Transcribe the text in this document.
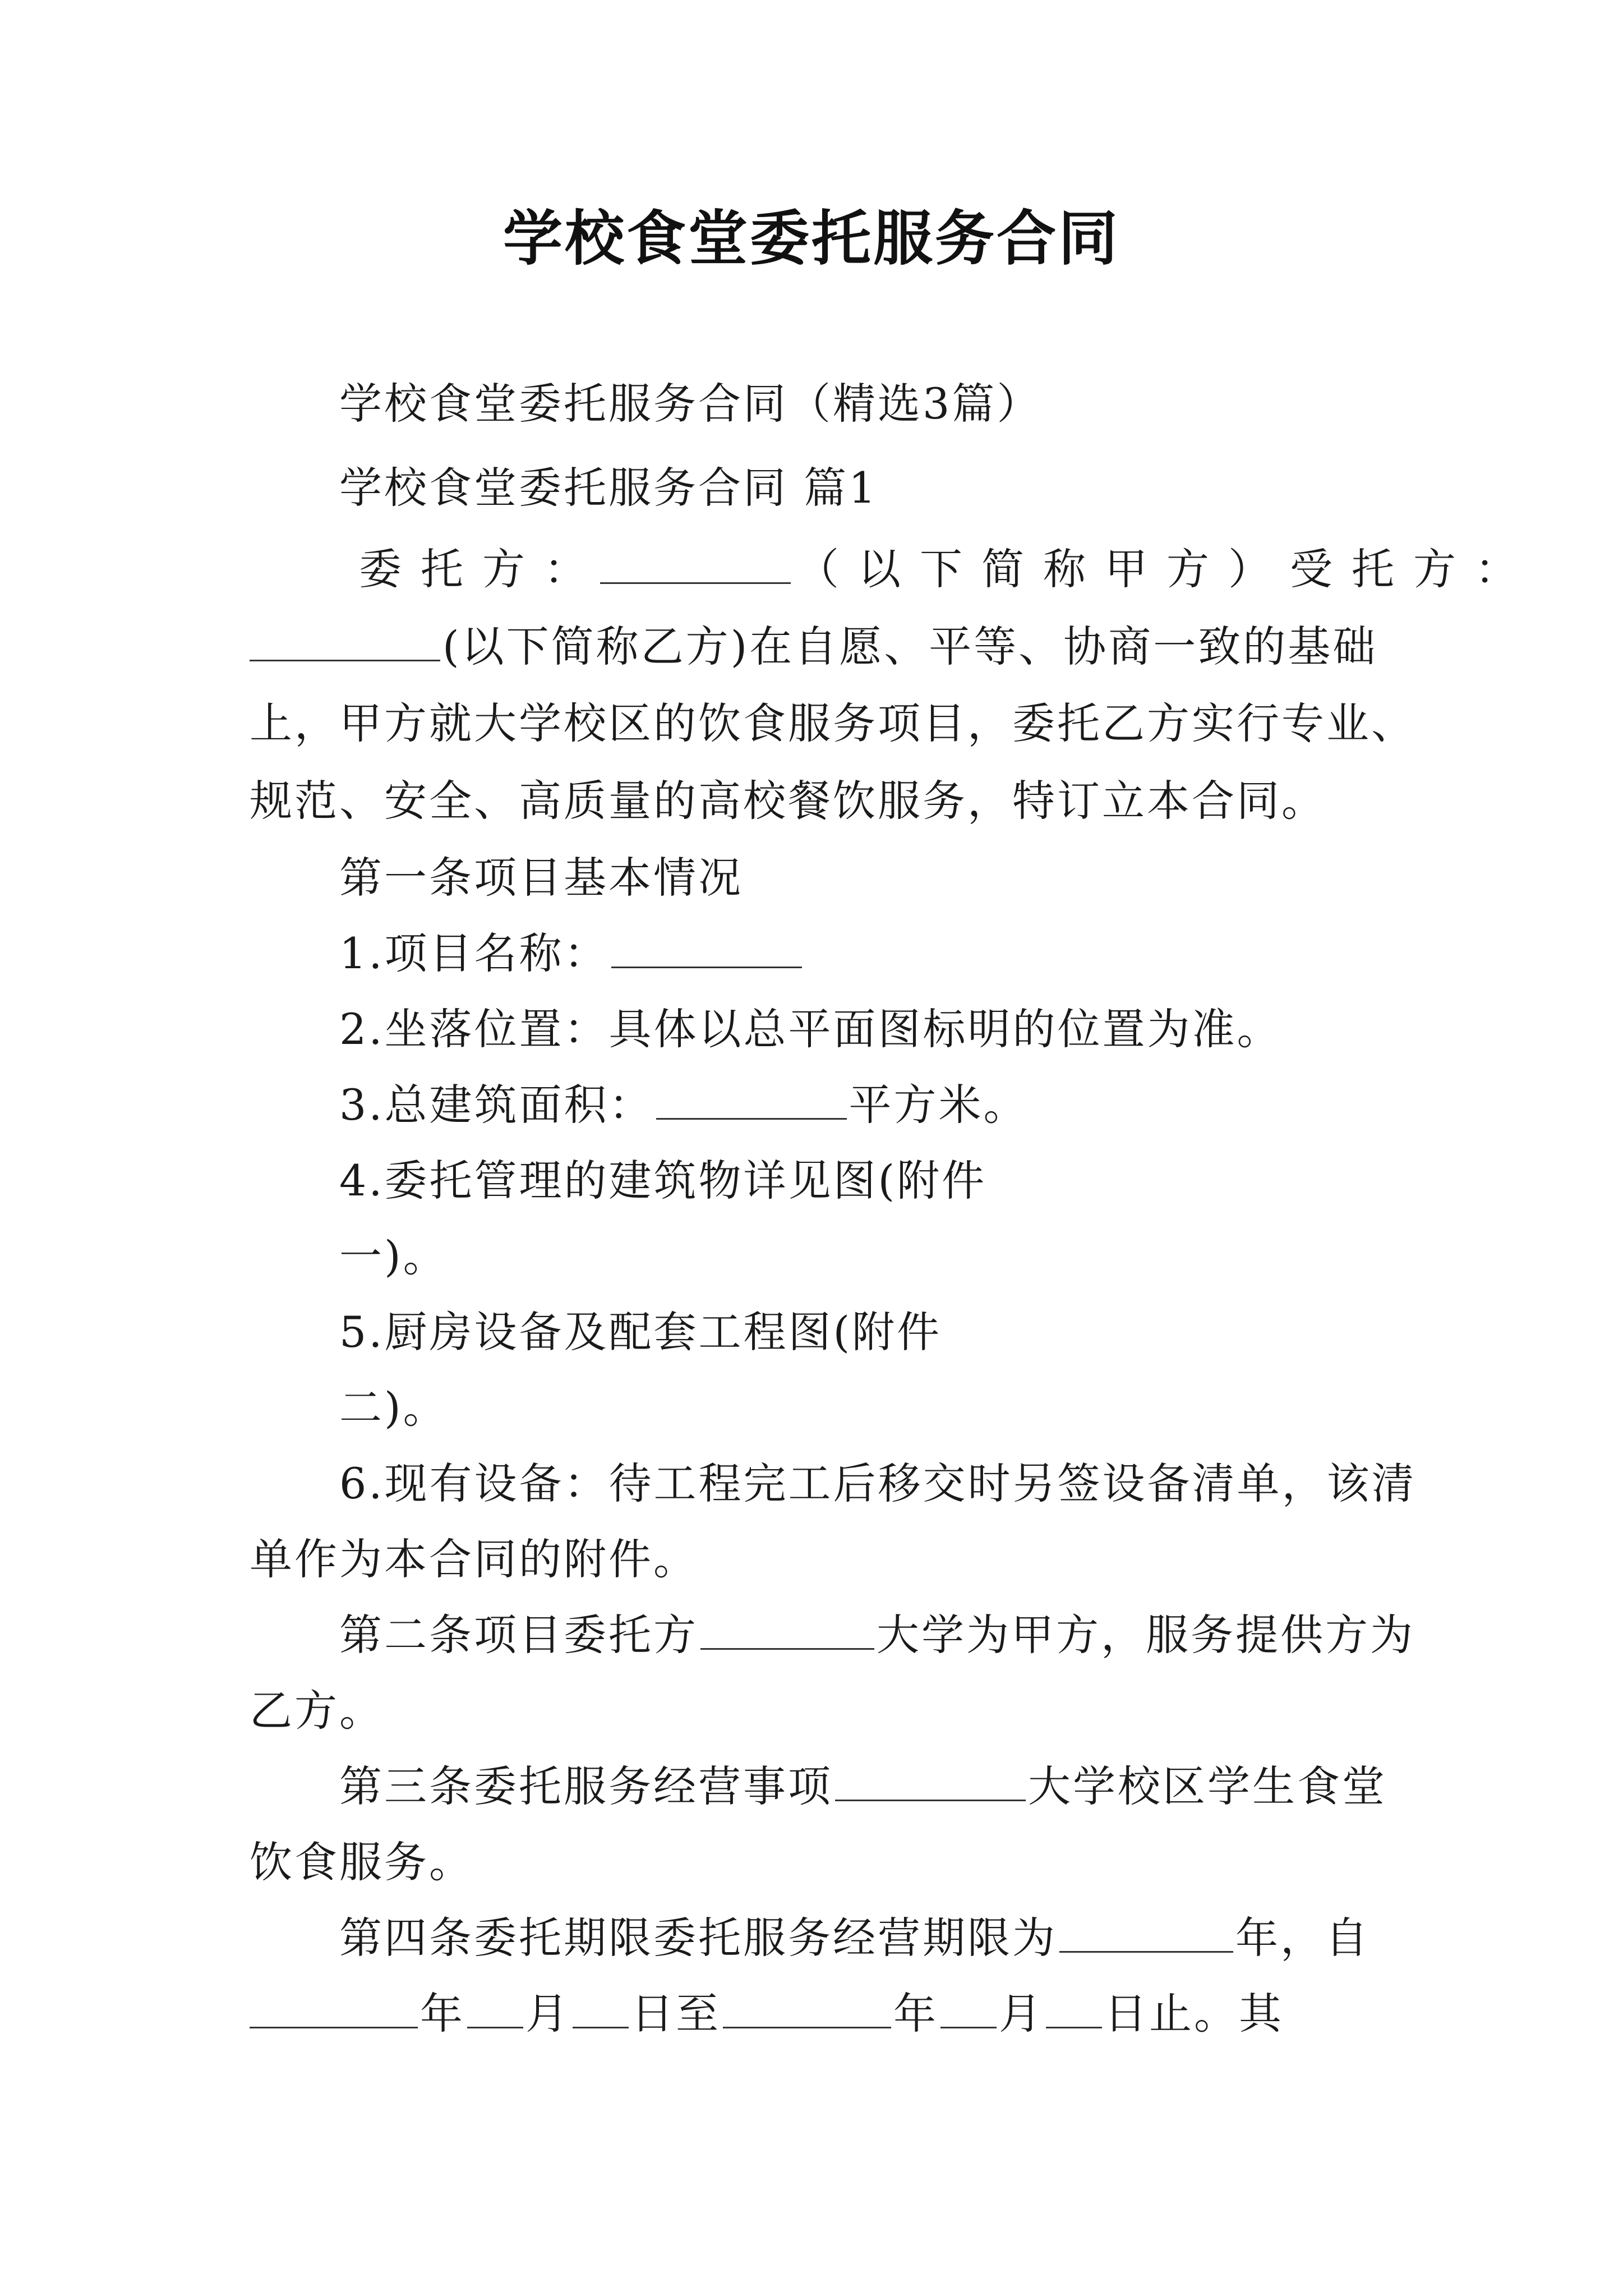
学校食堂委托服务合同
学校食堂委托服务合同（精选3篇）
学校食堂委托服务合同 篇1
委托方：	（以下简称甲方）受托方：
(以下简称乙方)在自愿、平等、协商一致的基础
上，甲方就大学校区的饮食服务项目，委托乙方实行专业、
规范、安全、高质量的高校餐饮服务，特订立本合同。
第一条项目基本情况
1.项目名称：
2.坐落位置：具体以总平面图标明的位置为准。
3.总建筑面积：	平方米。
4.委托管理的建筑物详见图(附件
一)。
5.厨房设备及配套工程图(附件
二)。
6.现有设备：待工程完工后移交时另签设备清单，该清
单作为本合同的附件。
第二条项目委托方	大学为甲方，服务提供方为
乙方。
第三条委托服务经营事项	大学校区学生食堂
饮食服务。
第四条委托期限委托服务经营期限为	年，自
年 月 日至	年 月 日止。其
